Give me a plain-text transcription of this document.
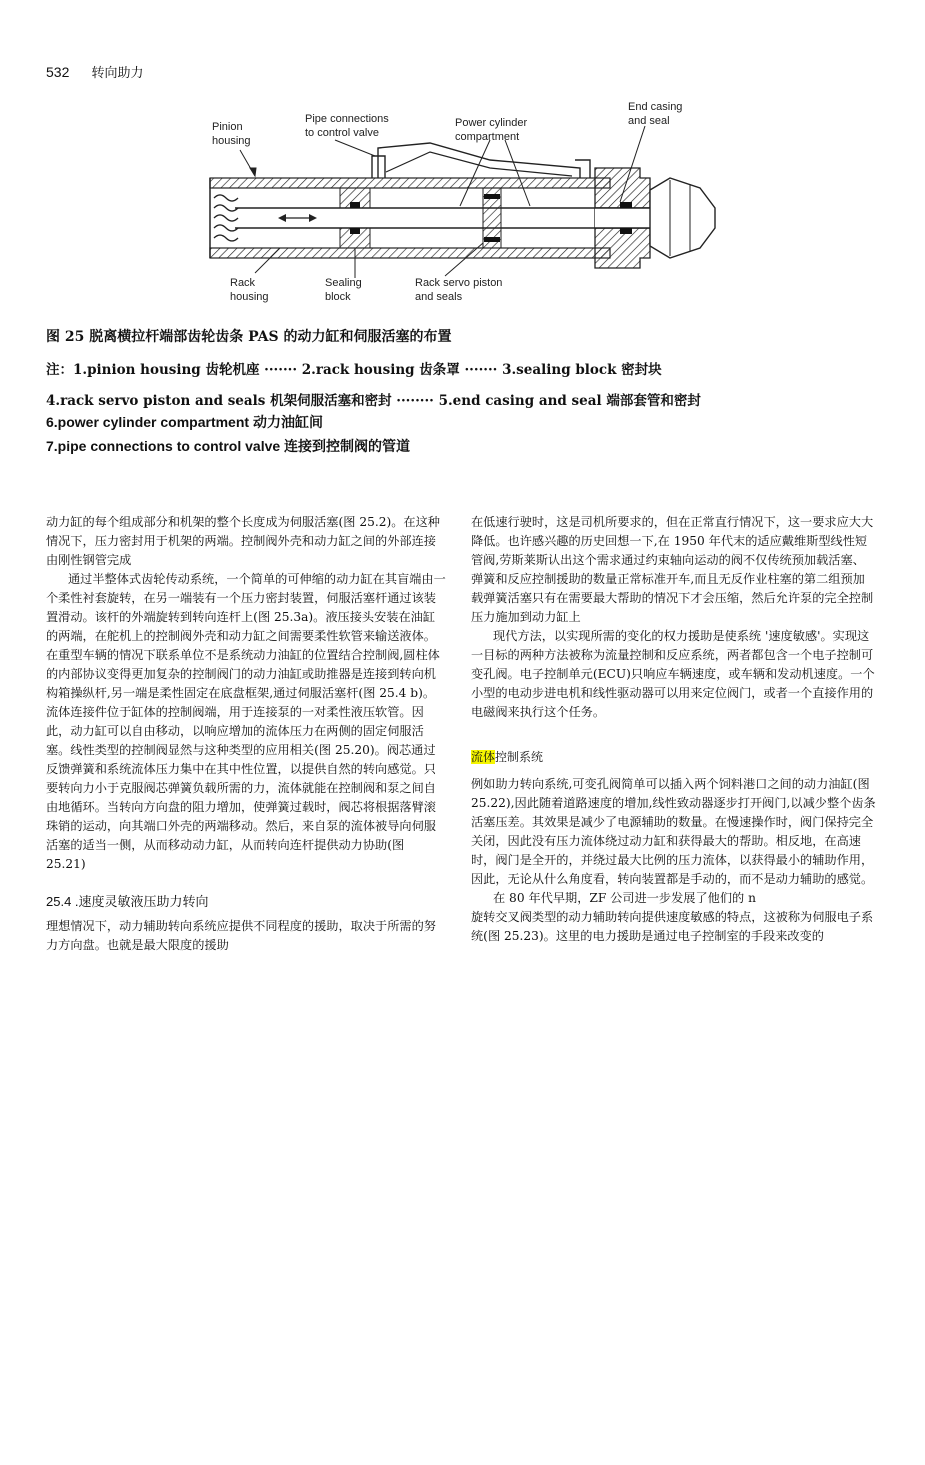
532 转向助力
Pinion
housing
Pipe connections
to control valve
Power cylinder
compartment
End casing
and seal
Rack
housing
Sealing
block
Rack servo piston
and seals
图 25 脱离横拉杆端部齿轮齿条 PAS 的动力缸和伺服活塞的布置
注：1.pinion housing 齿轮机座 ······· 2.rack housing 齿条罩 ······· 3.sealing block 密封块
4.rack servo piston and seals 机架伺服活塞和密封 ········ 5.end casing and seal 端部套管和密封
6.power cylinder compartment 动力油缸间
7.pipe connections to control valve 连接到控制阀的管道

动力缸的每个组成部分和机架的整个长度成为伺服活塞(图 25.2)。在这种情况下，压力密封用于机架的两端。控制阀外壳和动力缸之间的外部连接由刚性钢管完成

通过半整体式齿轮传动系统，一个简单的可伸缩的动力缸在其盲端由一个柔性衬套旋转，在另一端装有一个压力密封装置，伺服活塞杆通过该装置滑动。该杆的外端旋转到转向连杆上(图 25.3a)。液压接头安装在油缸的两端，在舵机上的控制阀外壳和动力缸之间需要柔性软管来输送液体。

在重型车辆的情况下联系单位不是系统动力油缸的位置结合控制阀,圆柱体的内部协议变得更加复杂的控制阀门的动力油缸或助推器是连接到转向机构箱操纵杆,另一端是柔性固定在底盘框架,通过伺服活塞杆(图 25.4 b)。流体连接件位于缸体的控制阀端，用于连接泵的一对柔性液压软管。因此，动力缸可以自由移动，以响应增加的流体压力在两侧的固定伺服活塞。线性类型的控制阀显然与这种类型的应用相关(图 25.20)。阀芯通过反馈弹簧和系统流体压力集中在其中性位置，以提供自然的转向感觉。只要转向力小于克服阀芯弹簧负载所需的力，流体就能在控制阀和泵之间自由地循环。当转向方向盘的阻力增加，使弹簧过载时，阀芯将根据落臂滚珠销的运动，向其端口外壳的两端移动。然后，来自泵的流体被导向伺服活塞的适当一侧，从而移动动力缸，从而转向连杆提供动力协助(图 25.21)

25.4 .速度灵敏液压助力转向

理想情况下，动力辅助转向系统应提供不同程度的援助，取决于所需的努力方向盘。也就是最大限度的援助

在低速行驶时，这是司机所要求的，但在正常直行情况下，这一要求应大大降低。也许感兴趣的历史回想一下,在 1950 年代末的适应戴维斯型线性短管阀,劳斯莱斯认出这个需求通过约束轴向运动的阀不仅传统预加载活塞、弹簧和反应控制援助的数量正常标准开车,而且无反作业柱塞的第二组预加载弹簧活塞只有在需要最大帮助的情况下才会压缩，然后允许泵的完全控制压力施加到动力缸上

现代方法，以实现所需的变化的权力援助是使系统 '速度敏感'。实现这一目标的两种方法被称为流量控制和反应系统，两者都包含一个电子控制可变孔阀。电子控制单元(ECU)只响应车辆速度，或车辆和发动机速度。一个小型的电动步进电机和线性驱动器可以用来定位阀门，或者一个直接作用的电磁阀来执行这个任务。

流体控制系统

例如助力转向系统,可变孔阀简单可以插入两个饲料港口之间的动力油缸(图 25.22),因此随着道路速度的增加,线性致动器逐步打开阀门,以减少整个齿条活塞压差。其效果是减少了电源辅助的数量。在慢速操作时，阀门保持完全关闭，因此没有压力流体绕过动力缸和获得最大的帮助。相反地，在高速时，阀门是全开的，并绕过最大比例的压力流体，以获得最小的辅助作用，因此，无论从什么角度看，转向装置都是手动的，而不是动力辅助的感觉。

在 80 年代早期，ZF 公司进一步发展了他们的 n

旋转交叉阀类型的动力辅助转向提供速度敏感的特点，这被称为伺服电子系统(图 25.23)。这里的电力援助是通过电子控制室的手段来改变的
